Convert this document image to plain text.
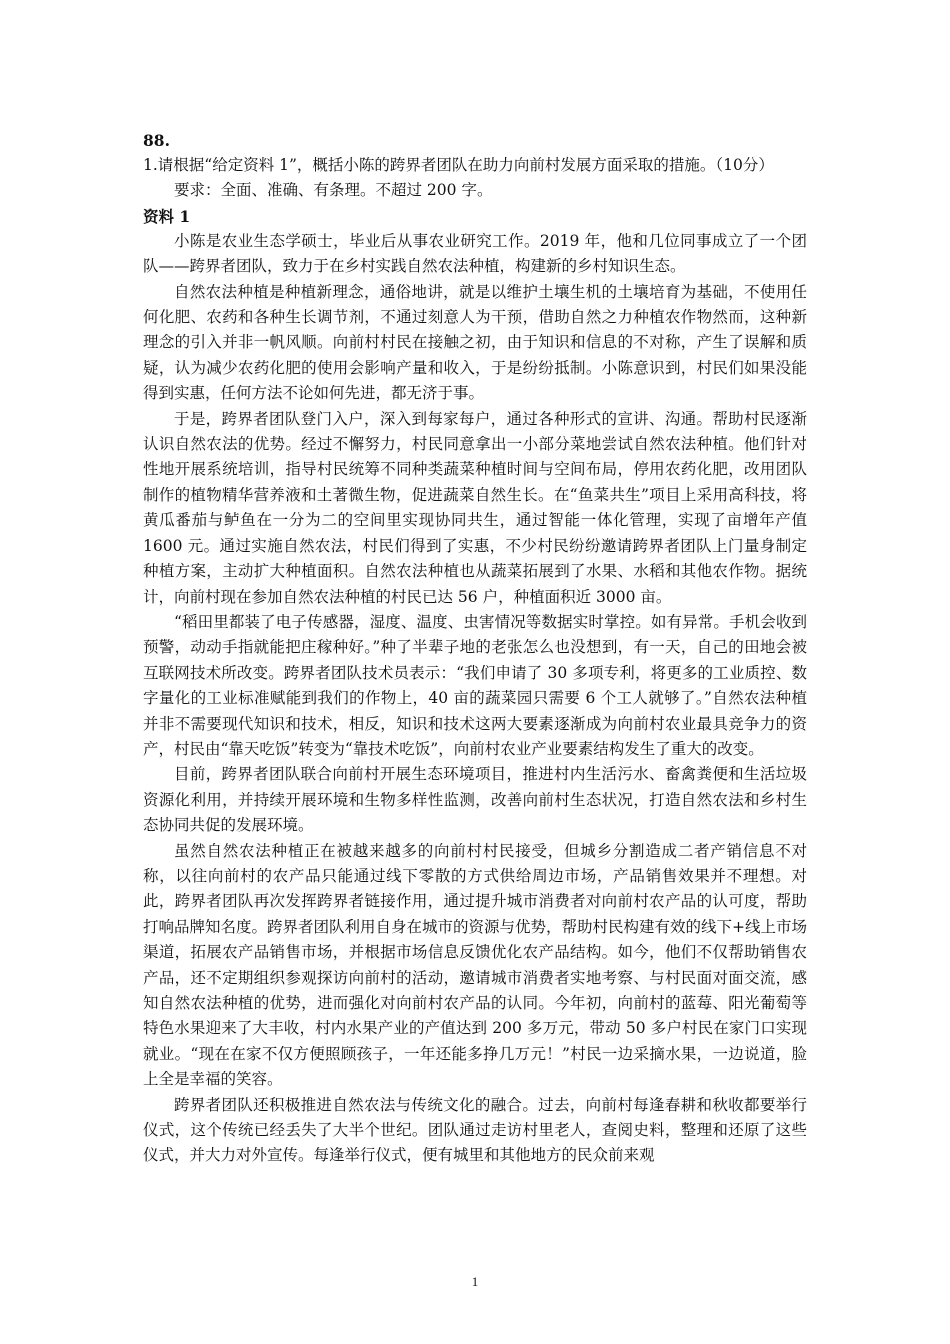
88.

1.请根据“给定资料 1”，概括小陈的跨界者团队在助力向前村发展方面采取的措施。（10分）

要求：全面、准确、有条理。不超过 200 字。

资料 1

小陈是农业生态学硕士，毕业后从事农业研究工作。2019 年，他和几位同事成立了一个团队——跨界者团队，致力于在乡村实践自然农法种植，构建新的乡村知识生态。

自然农法种植是种植新理念，通俗地讲，就是以维护土壤生机的土壤培育为基础，不使用任何化肥、农药和各种生长调节剂，不通过刻意人为干预，借助自然之力种植农作物然而，这种新理念的引入并非一帆风顺。向前村村民在接触之初，由于知识和信息的不对称，产生了误解和质疑，认为减少农药化肥的使用会影响产量和收入，于是纷纷抵制。小陈意识到，村民们如果没能得到实惠，任何方法不论如何先进，都无济于事。

于是，跨界者团队登门入户，深入到每家每户，通过各种形式的宣讲、沟通。帮助村民逐渐认识自然农法的优势。经过不懈努力，村民同意拿出一小部分菜地尝试自然农法种植。他们针对性地开展系统培训，指导村民统筹不同种类蔬菜种植时间与空间布局，停用农药化肥，改用团队制作的植物精华营养液和土著微生物，促进蔬菜自然生长。在“鱼菜共生”项目上采用高科技，将黄瓜番茄与鲈鱼在一分为二的空间里实现协同共生，通过智能一体化管理，实现了亩增年产值 1600 元。通过实施自然农法，村民们得到了实惠，不少村民纷纷邀请跨界者团队上门量身制定种植方案，主动扩大种植面积。自然农法种植也从蔬菜拓展到了水果、水稻和其他农作物。据统计，向前村现在参加自然农法种植的村民已达 56 户，种植面积近 3000 亩。

“稻田里都装了电子传感器，湿度、温度、虫害情况等数据实时掌控。如有异常。手机会收到预警，动动手指就能把庄稼种好。”种了半辈子地的老张怎么也没想到，有一天，自己的田地会被互联网技术所改变。跨界者团队技术员表示：“我们申请了 30 多项专利，将更多的工业质控、数字量化的工业标准赋能到我们的作物上，40 亩的蔬菜园只需要 6 个工人就够了。”自然农法种植并非不需要现代知识和技术，相反，知识和技术这两大要素逐渐成为向前村农业最具竞争力的资产，村民由“靠天吃饭”转变为“靠技术吃饭”，向前村农业产业要素结构发生了重大的改变。

目前，跨界者团队联合向前村开展生态环境项目，推进村内生活污水、畜禽粪便和生活垃圾资源化利用，并持续开展环境和生物多样性监测，改善向前村生态状况，打造自然农法和乡村生态协同共促的发展环境。

虽然自然农法种植正在被越来越多的向前村村民接受，但城乡分割造成二者产销信息不对称，以往向前村的农产品只能通过线下零散的方式供给周边市场，产品销售效果并不理想。对此，跨界者团队再次发挥跨界者链接作用，通过提升城市消费者对向前村农产品的认可度，帮助打响品牌知名度。跨界者团队利用自身在城市的资源与优势，帮助村民构建有效的线下+线上市场渠道，拓展农产品销售市场，并根据市场信息反馈优化农产品结构。如今，他们不仅帮助销售农产品，还不定期组织参观探访向前村的活动，邀请城市消费者实地考察、与村民面对面交流，感知自然农法种植的优势，进而强化对向前村农产品的认同。今年初，向前村的蓝莓、阳光葡萄等特色水果迎来了大丰收，村内水果产业的产值达到 200 多万元，带动 50 多户村民在家门口实现就业。“现在在家不仅方便照顾孩子，一年还能多挣几万元！”村民一边采摘水果，一边说道，脸上全是幸福的笑容。

跨界者团队还积极推进自然农法与传统文化的融合。过去，向前村每逢春耕和秋收都要举行仪式，这个传统已经丢失了大半个世纪。团队通过走访村里老人，查阅史料，整理和还原了这些仪式，并大力对外宣传。每逢举行仪式，便有城里和其他地方的民众前来观

1
